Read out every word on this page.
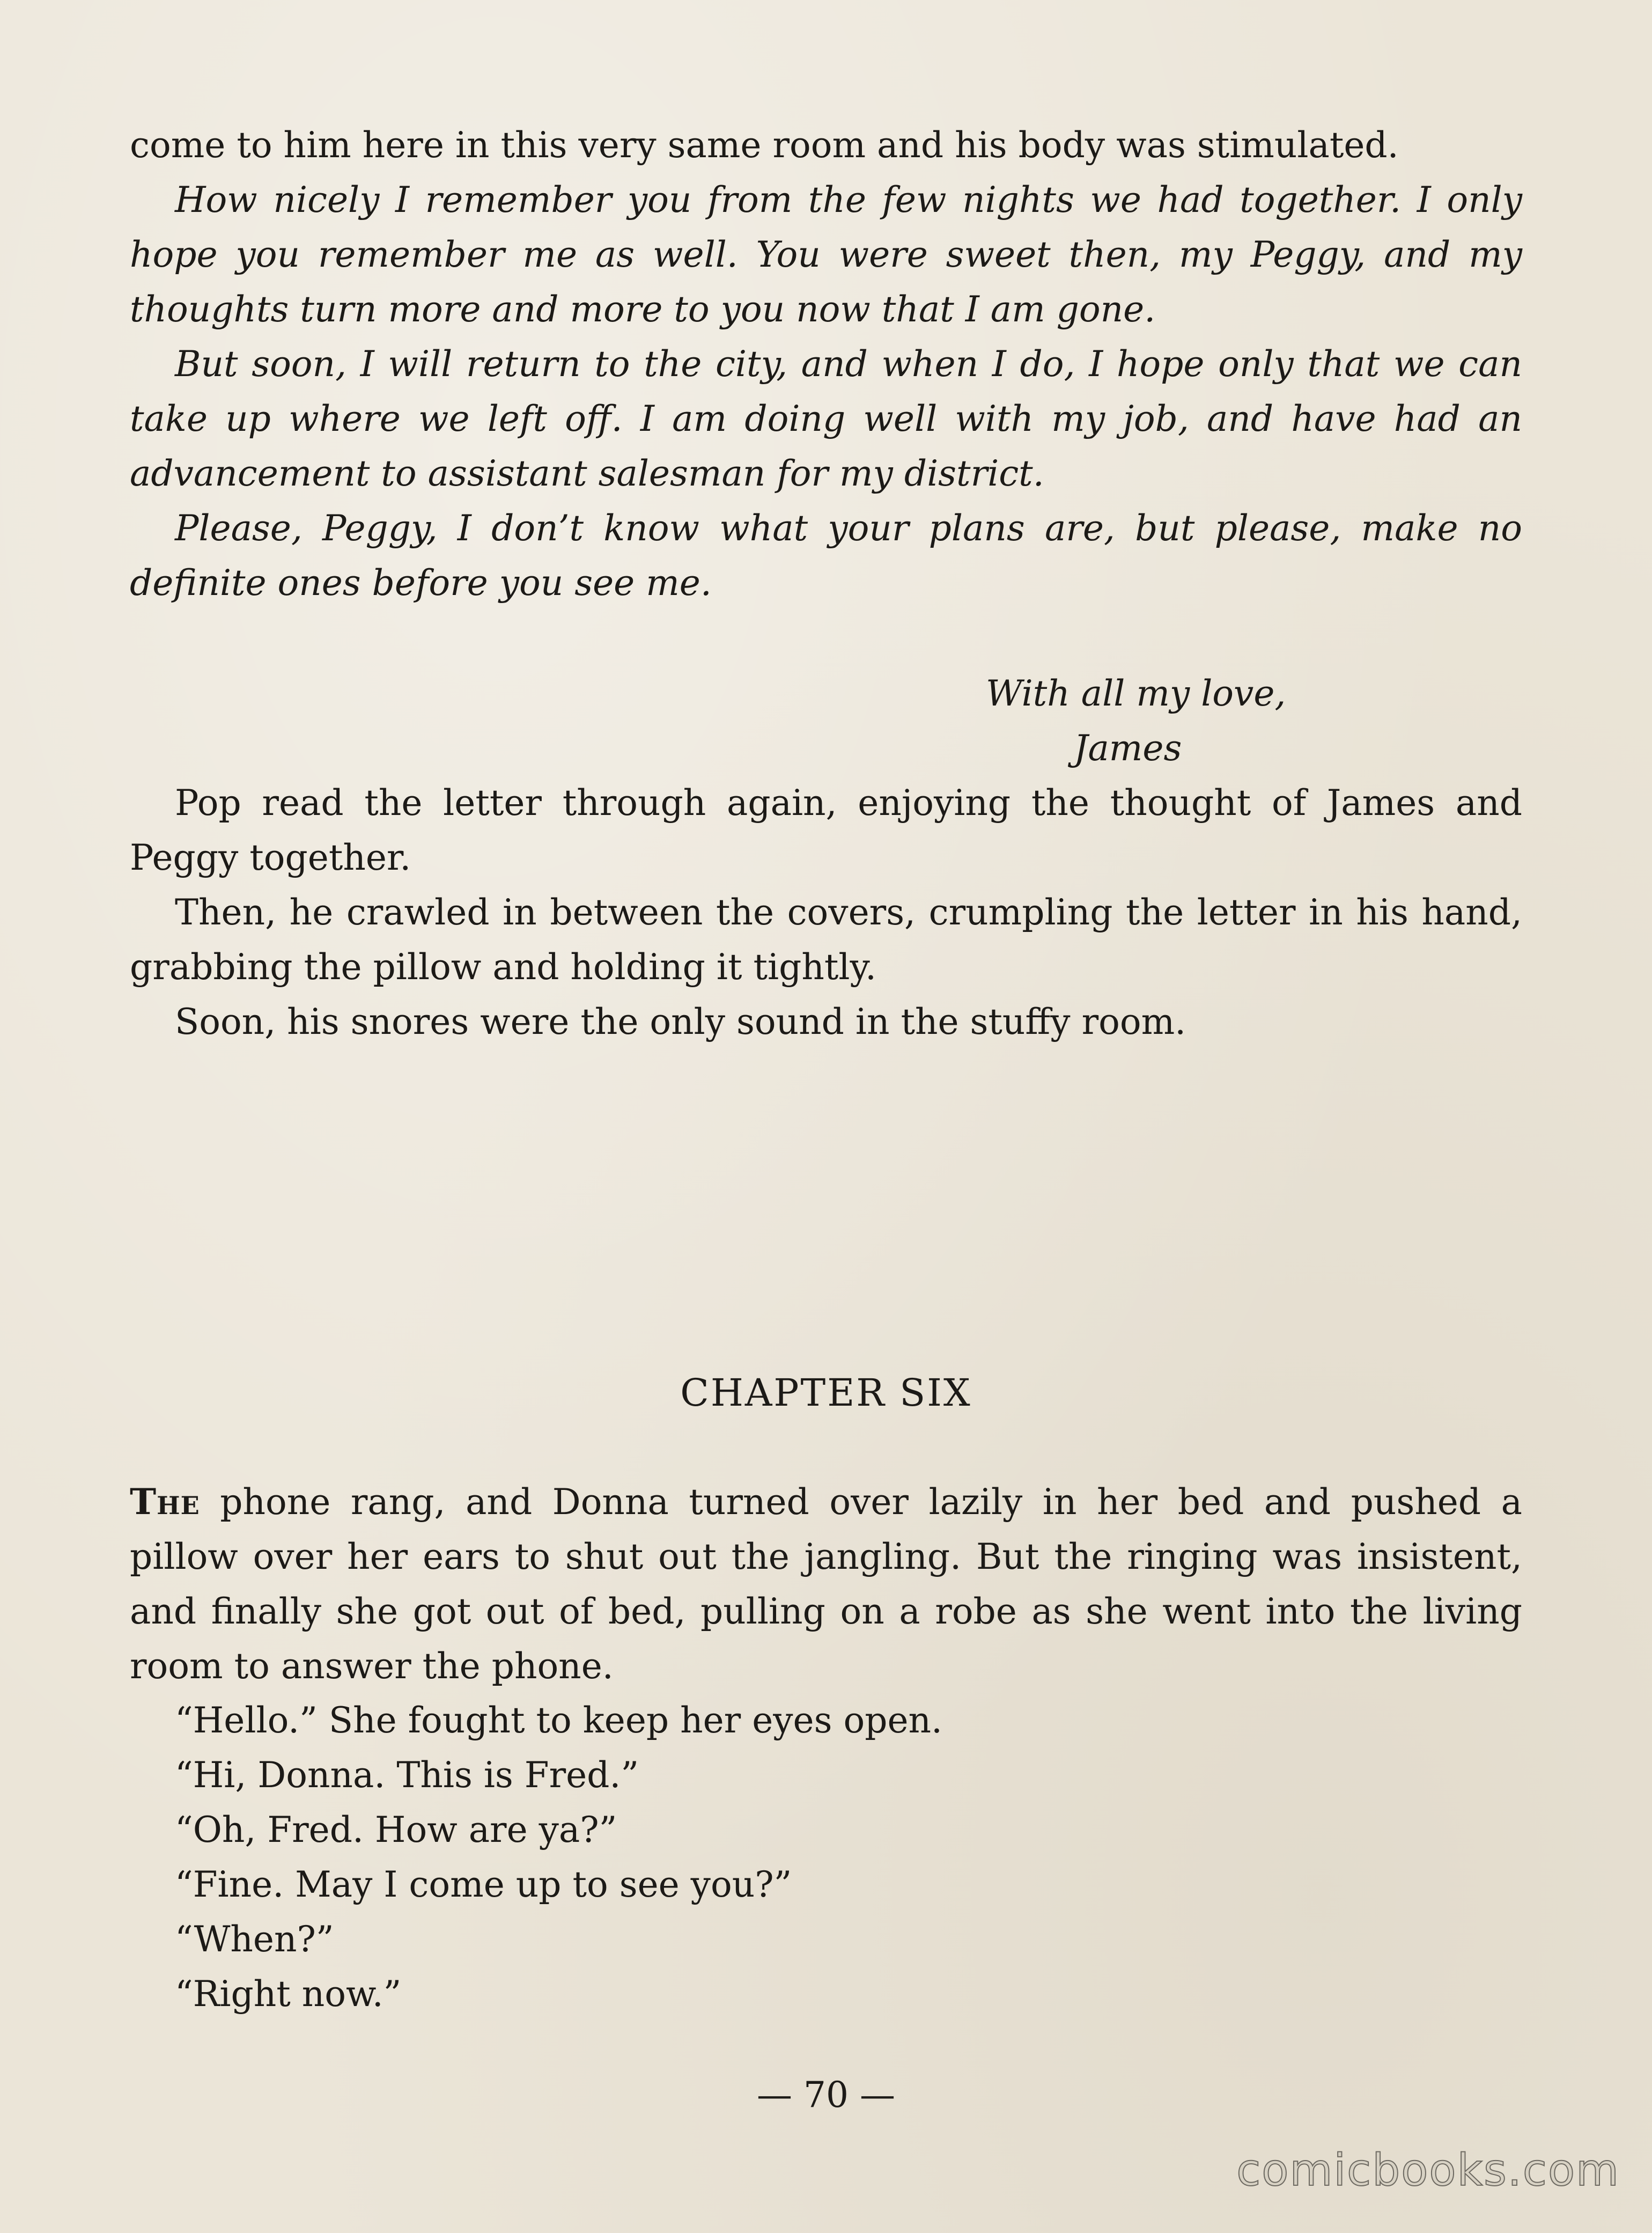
come to him here in this very same room and his body was stimulated.

How nicely I remember you from the few nights we had together. I only hope you remember me as well. You were sweet then, my Peggy, and my thoughts turn more and more to you now that I am gone.

But soon, I will return to the city, and when I do, I hope only that we can take up where we left off. I am doing well with my job, and have had an advancement to assistant salesman for my district.

Please, Peggy, I don’t know what your plans are, but please, make no definite ones before you see me.

With all my love,
James

Pop read the letter through again, enjoying the thought of James and Peggy together.

Then, he crawled in between the covers, crumpling the letter in his hand, grabbing the pillow and holding it tightly.

Soon, his snores were the only sound in the stuffy room.

CHAPTER SIX

The phone rang, and Donna turned over lazily in her bed and pushed a pillow over her ears to shut out the jangling. But the ringing was insistent, and finally she got out of bed, pulling on a robe as she went into the living room to answer the phone.

“Hello.” She fought to keep her eyes open.
“Hi, Donna. This is Fred.”
“Oh, Fred. How are ya?”
“Fine. May I come up to see you?”
“When?”
“Right now.”
— 70 —
comicbooks.com
